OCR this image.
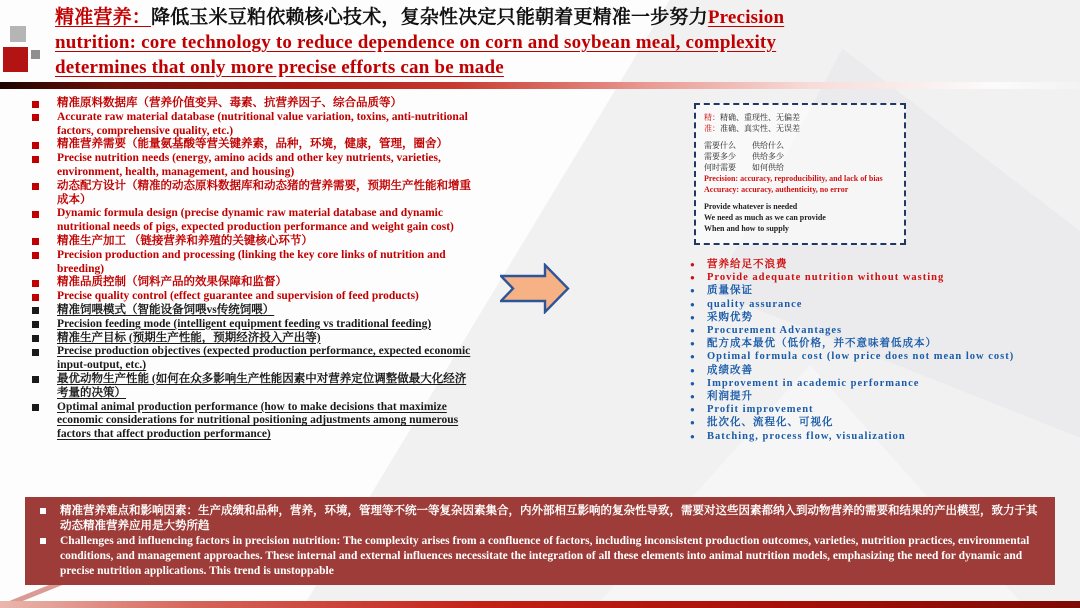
精准营养：降低玉米豆粕依赖核心技术，复杂性决定只能朝着更精准一步努力Precision nutrition: core technology to reduce dependence on corn and soybean meal, complexity determines that only more precise efforts can be made
精准原料数据库（营养价值变异、毒素、抗营养因子、综合品质等）
Accurate raw material database (nutritional value variation, toxins, anti-nutritional factors, comprehensive quality, etc.)
精准营养需要（能量氨基酸等营关键养素，品种，环境，健康，管理，圈舍）
Precise nutrition needs (energy, amino acids and other key nutrients, varieties, environment, health, management, and housing)
动态配方设计（精准的动态原料数据库和动态猪的营养需要，预期生产性能和增重成本）
Dynamic formula design (precise dynamic raw material database and dynamic nutritional needs of pigs, expected production performance and weight gain cost)
精准生产加工 （链接营养和养殖的关键核心环节）
Precision production and processing (linking the key core links of nutrition and breeding)
精准品质控制（饲料产品的效果保障和监督）
Precise quality control (effect guarantee and supervision of feed products)
精准饲喂模式（智能设备饲喂vs传统饲喂）
Precision feeding mode (intelligent equipment feeding vs traditional feeding)
精准生产目标 (预期生产性能，预期经济投入产出等)
Precise production objectives (expected production performance, expected economic input-output, etc.)
最优动物生产性能 (如何在众多影响生产性能因素中对营养定位调整做最大化经济考量的决策）
Optimal animal production performance (how to make decisions that maximize economic considerations for nutritional positioning adjustments among numerous factors that affect production performance)
精：精确、重现性、无偏差
准：准确、真实性、无误差
需要什么　　供给什么
需要多少　　供给多少
何时需要　　如何供给
Precision: accuracy, reproducibility, and lack of bias
Accuracy: accuracy, authenticity, no error
Provide whatever is needed
We need as much as we can provide
When and how to supply
● 营养给足不浪费
● Provide adequate nutrition without wasting
● 质量保证
● quality assurance
● 采购优势
● Procurement Advantages
● 配方成本最优（低价格，并不意味着低成本）
● Optimal formula cost (low price does not mean low cost)
● 成绩改善
● Improvement in academic performance
● 利润提升
● Profit improvement
● 批次化、流程化、可视化
● Batching, process flow, visualization
精准营养难点和影响因素：生产成绩和品种，营养，环境，管理等不统一等复杂因素集合，内外部相互影响的复杂性导致，需要对这些因素都纳入到动物营养的需要和结果的产出模型，致力于其动态精准营养应用是大势所趋
Challenges and influencing factors in precision nutrition: The complexity arises from a confluence of factors, including inconsistent production outcomes, varieties, nutrition practices, environmental conditions, and management approaches. These internal and external influences necessitate the integration of all these elements into animal nutrition models, emphasizing the need for dynamic and precise nutrition applications. This trend is unstoppable
